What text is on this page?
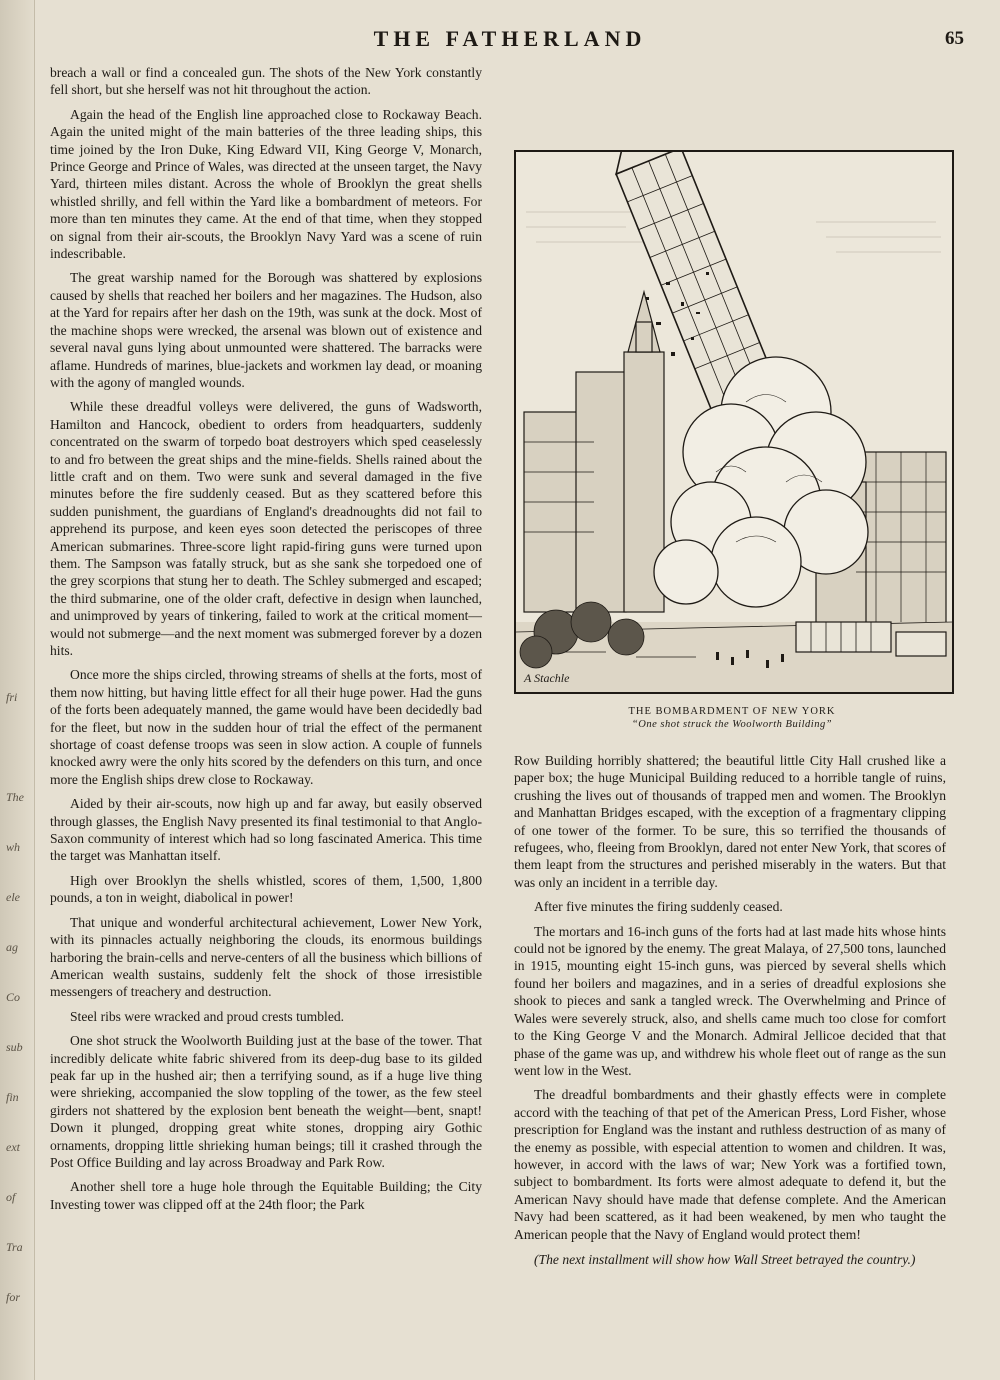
fri
The
wh
ele
ag
Co
sub
fin
ext
of
Tra
for
THE FATHERLAND	65

breach a wall or find a concealed gun. The shots of the New York constantly fell short, but she herself was not hit throughout the action.

Again the head of the English line approached close to Rockaway Beach. Again the united might of the main batteries of the three leading ships, this time joined by the Iron Duke, King Edward VII, King George V, Monarch, Prince George and Prince of Wales, was directed at the unseen target, the Navy Yard, thirteen miles distant. Across the whole of Brooklyn the great shells whistled shrilly, and fell within the Yard like a bombardment of meteors. For more than ten minutes they came. At the end of that time, when they stopped on signal from their air-scouts, the Brooklyn Navy Yard was a scene of ruin indescribable.

The great warship named for the Borough was shattered by explosions caused by shells that reached her boilers and her magazines. The Hudson, also at the Yard for repairs after her dash on the 19th, was sunk at the dock. Most of the machine shops were wrecked, the arsenal was blown out of existence and several naval guns lying about unmounted were shattered. The barracks were aflame. Hundreds of marines, blue-jackets and workmen lay dead, or moaning with the agony of mangled wounds.

While these dreadful volleys were delivered, the guns of Wadsworth, Hamilton and Hancock, obedient to orders from headquarters, suddenly concentrated on the swarm of torpedo boat destroyers which sped ceaselessly to and fro between the great ships and the mine-fields. Shells rained about the little craft and on them. Two were sunk and several damaged in the five minutes before the fire suddenly ceased. But as they scattered before this sudden punishment, the guardians of England's dreadnoughts did not fail to apprehend its purpose, and keen eyes soon detected the periscopes of three American submarines. Three-score light rapid-firing guns were turned upon them. The Sampson was fatally struck, but as she sank she torpedoed one of the grey scorpions that stung her to death. The Schley submerged and escaped; the third submarine, one of the older craft, defective in design when launched, and unimproved by years of tinkering, failed to work at the critical moment—would not submerge—and the next moment was submerged forever by a dozen hits.

Once more the ships circled, throwing streams of shells at the forts, most of them now hitting, but having little effect for all their huge power. Had the guns of the forts been adequately manned, the game would have been decidedly bad for the fleet, but now in the sudden hour of trial the effect of the permanent shortage of coast defense troops was seen in slow action. A couple of funnels knocked awry were the only hits scored by the defenders on this turn, and once more the English ships drew close to Rockaway.

Aided by their air-scouts, now high up and far away, but easily observed through glasses, the English Navy presented its final testimonial to that Anglo-Saxon community of interest which had so long fascinated America. This time the target was Manhattan itself.

High over Brooklyn the shells whistled, scores of them, 1,500, 1,800 pounds, a ton in weight, diabolical in power!

That unique and wonderful architectural achievement, Lower New York, with its pinnacles actually neighboring the clouds, its enormous buildings harboring the brain-cells and nerve-centers of all the business which billions of American wealth sustains, suddenly felt the shock of those irresistible messengers of treachery and destruction.

Steel ribs were wracked and proud crests tumbled.

One shot struck the Woolworth Building just at the base of the tower. That incredibly delicate white fabric shivered from its deep-dug base to its gilded peak far up in the hushed air; then a terrifying sound, as if a huge live thing were shrieking, accompanied the slow toppling of the tower, as the few steel girders not shattered by the explosion bent beneath the weight—bent, snapt! Down it plunged, dropping great white stones, dropping airy Gothic ornaments, dropping little shrieking human beings; till it crashed through the Post Office Building and lay across Broadway and Park Row.

Another shell tore a huge hole through the Equitable Building; the City Investing tower was clipped off at the 24th floor; the Park

A Stachle
THE BOMBARDMENT OF NEW YORK
“One shot struck the Woolworth Building”

Row Building horribly shattered; the beautiful little City Hall crushed like a paper box; the huge Municipal Building reduced to a horrible tangle of ruins, crushing the lives out of thousands of trapped men and women. The Brooklyn and Manhattan Bridges escaped, with the exception of a fragmentary clipping of one tower of the former. To be sure, this so terrified the thousands of refugees, who, fleeing from Brooklyn, dared not enter New York, that scores of them leapt from the structures and perished miserably in the waters. But that was only an incident in a terrible day.

After five minutes the firing suddenly ceased.

The mortars and 16-inch guns of the forts had at last made hits whose hints could not be ignored by the enemy. The great Malaya, of 27,500 tons, launched in 1915, mounting eight 15-inch guns, was pierced by several shells which found her boilers and magazines, and in a series of dreadful explosions she shook to pieces and sank a tangled wreck. The Overwhelming and Prince of Wales were severely struck, also, and shells came much too close for comfort to the King George V and the Monarch. Admiral Jellicoe decided that that phase of the game was up, and withdrew his whole fleet out of range as the sun went low in the West.

The dreadful bombardments and their ghastly effects were in complete accord with the teaching of that pet of the American Press, Lord Fisher, whose prescription for England was the instant and ruthless destruction of as many of the enemy as possible, with especial attention to women and children. It was, however, in accord with the laws of war; New York was a fortified town, subject to bombardment. Its forts were almost adequate to defend it, but the American Navy should have made that defense complete. And the American Navy had been scattered, as it had been weakened, by men who taught the American people that the Navy of England would protect them!

(The next installment will show how Wall Street betrayed the country.)
